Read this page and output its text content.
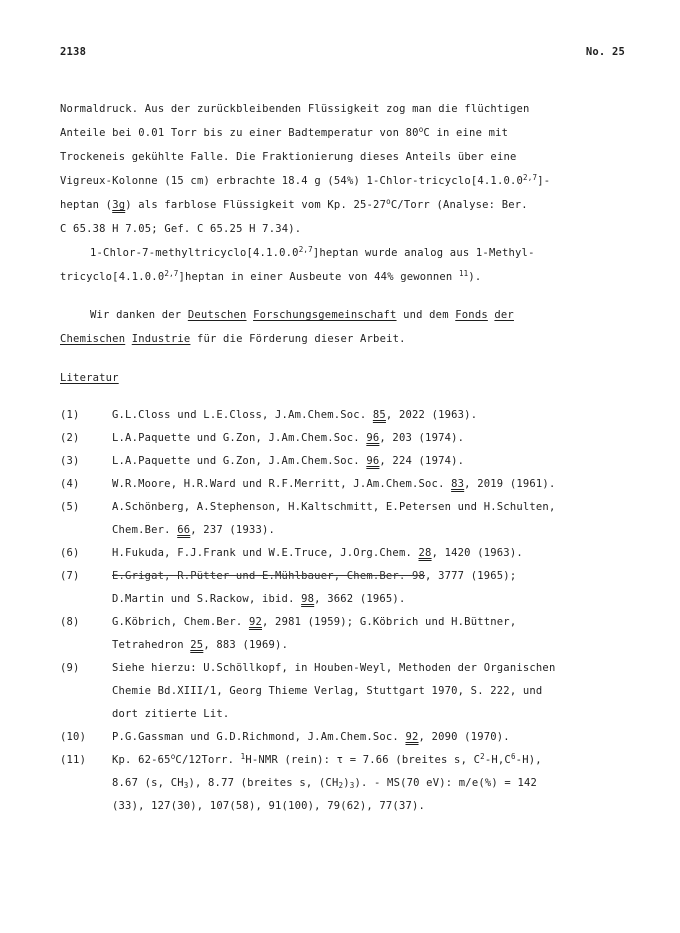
2138	No. 25
Normaldruck. Aus der zurückbleibenden Flüssigkeit zog man die flüchtigen
Anteile bei 0.01 Torr bis zu einer Badtemperatur von 80$^o$C in eine mit
Trockeneis gekühlte Falle. Die Fraktionierung dieses Anteils über eine
Vigreux-Kolonne (15 cm) erbrachte 18.4 g (54%) 1-Chlor-tricyclo[4.1.0.0$^{2,7}$]-
heptan (3g) als farblose Flüssigkeit vom Kp. 25-27$^o$C/Torr (Analyse: Ber.
C 65.38 H 7.05; Gef. C 65.25 H 7.34).
1-Chlor-7-methyltricyclo[4.1.0.0$^{2,7}$]heptan wurde analog aus 1-Methyl-
tricyclo[4.1.0.0$^{2,7}$]heptan in einer Ausbeute von 44% gewonnen $^{11}$).
Wir danken der Deutschen Forschungsgemeinschaft und dem Fonds der
Chemischen Industrie für die Förderung dieser Arbeit.
Literatur
(1)	G.L.Closs und L.E.Closs, J.Am.Chem.Soc. 85, 2022 (1963).
(2)	L.A.Paquette und G.Zon, J.Am.Chem.Soc. 96, 203 (1974).
(3)	L.A.Paquette und G.Zon, J.Am.Chem.Soc. 96, 224 (1974).
(4)	W.R.Moore, H.R.Ward und R.F.Merritt, J.Am.Chem.Soc. 83, 2019 (1961).
(5)	A.Schönberg, A.Stephenson, H.Kaltschmitt, E.Petersen und H.Schulten,
Chem.Ber. 66, 237 (1933).
(6)	H.Fukuda, F.J.Frank und W.E.Truce, J.Org.Chem. 28, 1420 (1963).
(7)	E.Grigat, R.Pütter und E.Mühlbauer, Chem.Ber. 98, 3777 (1965);
D.Martin und S.Rackow, ibid. 98, 3662 (1965).
(8)	G.Köbrich, Chem.Ber. 92, 2981 (1959); G.Köbrich und H.Büttner,
Tetrahedron 25, 883 (1969).
(9)	Siehe hierzu: U.Schöllkopf, in Houben-Weyl, Methoden der Organischen
Chemie Bd.XIII/1, Georg Thieme Verlag, Stuttgart 1970, S. 222, und
dort zitierte Lit.
(10)	P.G.Gassman und G.D.Richmond, J.Am.Chem.Soc. 92, 2090 (1970).
(11)	Kp. 62-65$^o$C/12Torr. $^1$H-NMR (rein): τ = 7.66 (breites s, $C^2-H,C^6-H$),
8.67 (s, $CH_3$), 8.77 (breites s, $(CH_2)_3$). - MS(70 eV): m/e(%) = 142
(33), 127(30), 107(58), 91(100), 79(62), 77(37).
